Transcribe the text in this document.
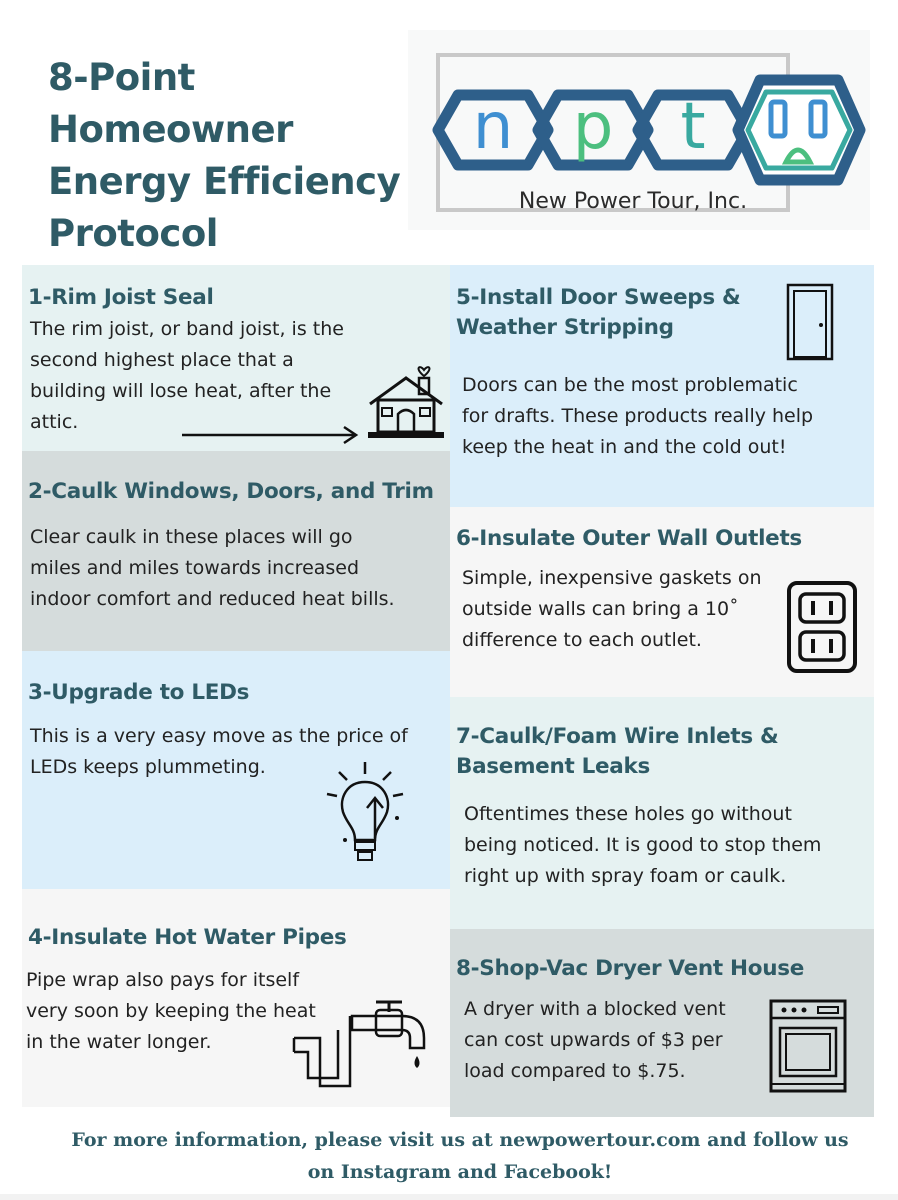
8-Point
Homeowner
Energy Efficiency
Protocol
n p t
New Power Tour, Inc.
1-Rim Joist Seal
The rim joist, or band joist, is the
second highest place that a
building will lose heat, after the
attic.
2-Caulk Windows, Doors, and Trim
Clear caulk in these places will go
miles and miles towards increased
indoor comfort and reduced heat bills.
3-Upgrade to LEDs
This is a very easy move as the price of
LEDs keeps plummeting.
4-Insulate Hot Water Pipes
Pipe wrap also pays for itself
very soon by keeping the heat
in the water longer.
5-Install Door Sweeps &
Weather Stripping
Doors can be the most problematic
for drafts. These products really help
keep the heat in and the cold out!
6-Insulate Outer Wall Outlets
Simple, inexpensive gaskets on
outside walls can bring a 10˚
difference to each outlet.
7-Caulk/Foam Wire Inlets &
Basement Leaks
Oftentimes these holes go without
being noticed. It is good to stop them
right up with spray foam or caulk.
8-Shop-Vac Dryer Vent House
A dryer with a blocked vent
can cost upwards of $3 per
load compared to $.75.
For more information, please visit us at newpowertour.com and follow us
on Instagram and Facebook!
